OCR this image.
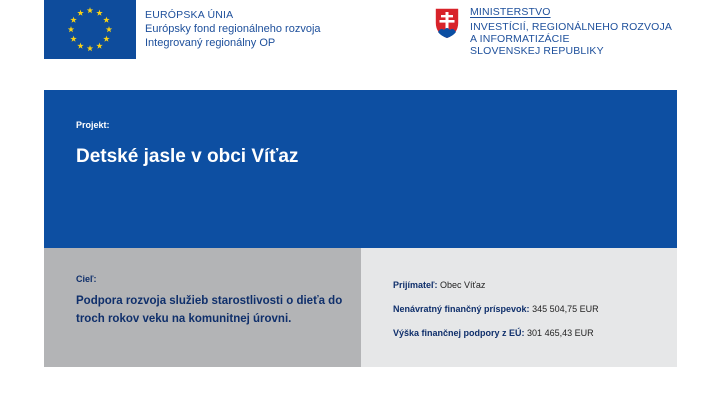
EURÓPSKA ÚNIA
Európsky fond regionálneho rozvoja
Integrovaný regionálny OP
MINISTERSTVO
INVESTÍCIÍ, REGIONÁLNEHO ROZVOJA
A INFORMATIZÁCIE
SLOVENSKEJ REPUBLIKY
Projekt:
Detské jasle v obci Víťaz
Cieľ:
Podpora rozvoja služieb starostlivosti o dieťa do troch rokov veku na komunitnej úrovni.
Prijímateľ: Obec Víťaz
Nenávratný finančný príspevok: 345 504,75 EUR
Výška finančnej podpory z EÚ: 301 465,43 EUR
